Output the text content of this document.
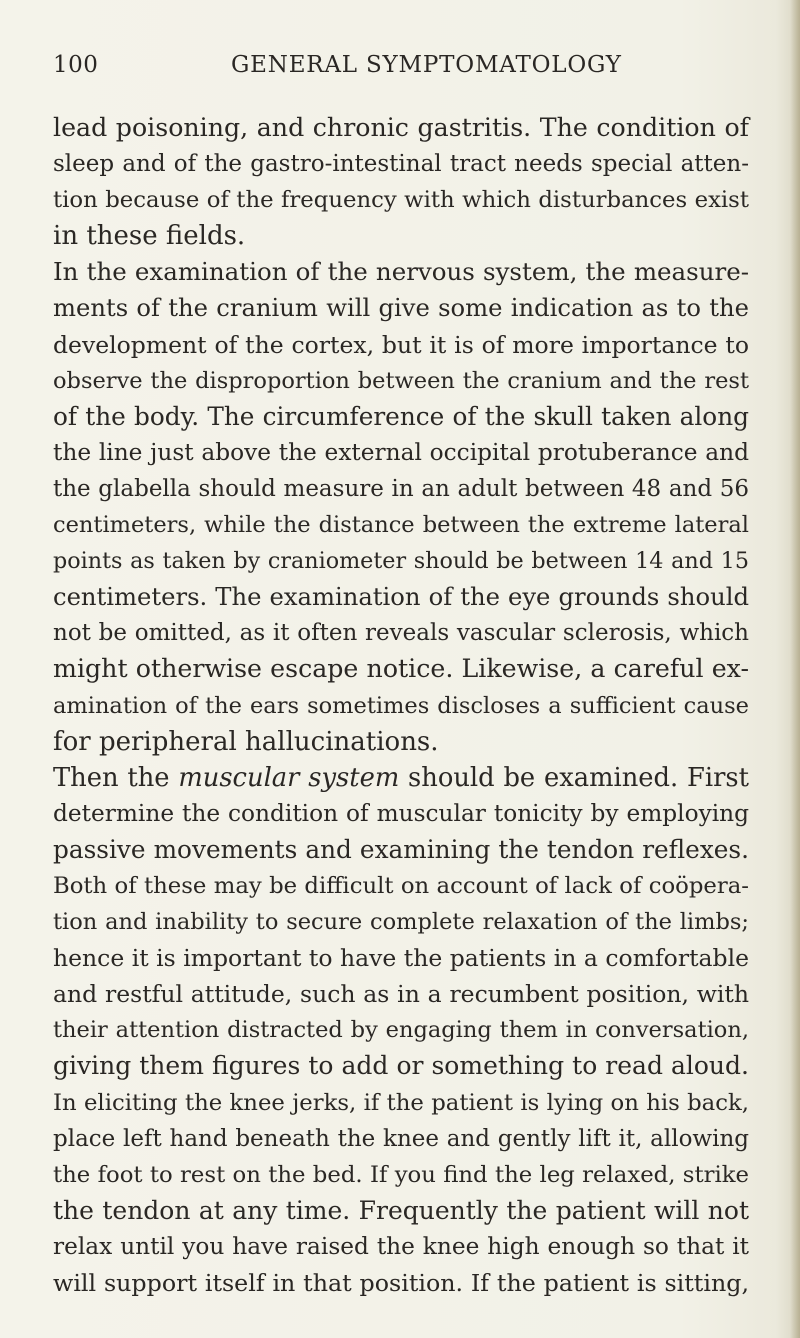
100	GENERAL SYMPTOMATOLOGY
lead poisoning, and chronic gastritis. The condition of
sleep and of the gastro-intestinal tract needs special atten-
tion because of the frequency with which disturbances exist
in these fields.
In the examination of the nervous system, the measure-
ments of the cranium will give some indication as to the
development of the cortex, but it is of more importance to
observe the disproportion between the cranium and the rest
of the body. The circumference of the skull taken along
the line just above the external occipital protuberance and
the glabella should measure in an adult between 48 and 56
centimeters, while the distance between the extreme lateral
points as taken by craniometer should be between 14 and 15
centimeters. The examination of the eye grounds should
not be omitted, as it often reveals vascular sclerosis, which
might otherwise escape notice. Likewise, a careful ex-
amination of the ears sometimes discloses a sufficient cause
for peripheral hallucinations.
Then the muscular system should be examined. First
determine the condition of muscular tonicity by employing
passive movements and examining the tendon reflexes.
Both of these may be difficult on account of lack of coöpera-
tion and inability to secure complete relaxation of the limbs;
hence it is important to have the patients in a comfortable
and restful attitude, such as in a recumbent position, with
their attention distracted by engaging them in conversation,
giving them figures to add or something to read aloud.
In eliciting the knee jerks, if the patient is lying on his back,
place left hand beneath the knee and gently lift it, allowing
the foot to rest on the bed. If you find the leg relaxed, strike
the tendon at any time. Frequently the patient will not
relax until you have raised the knee high enough so that it
will support itself in that position. If the patient is sitting,
